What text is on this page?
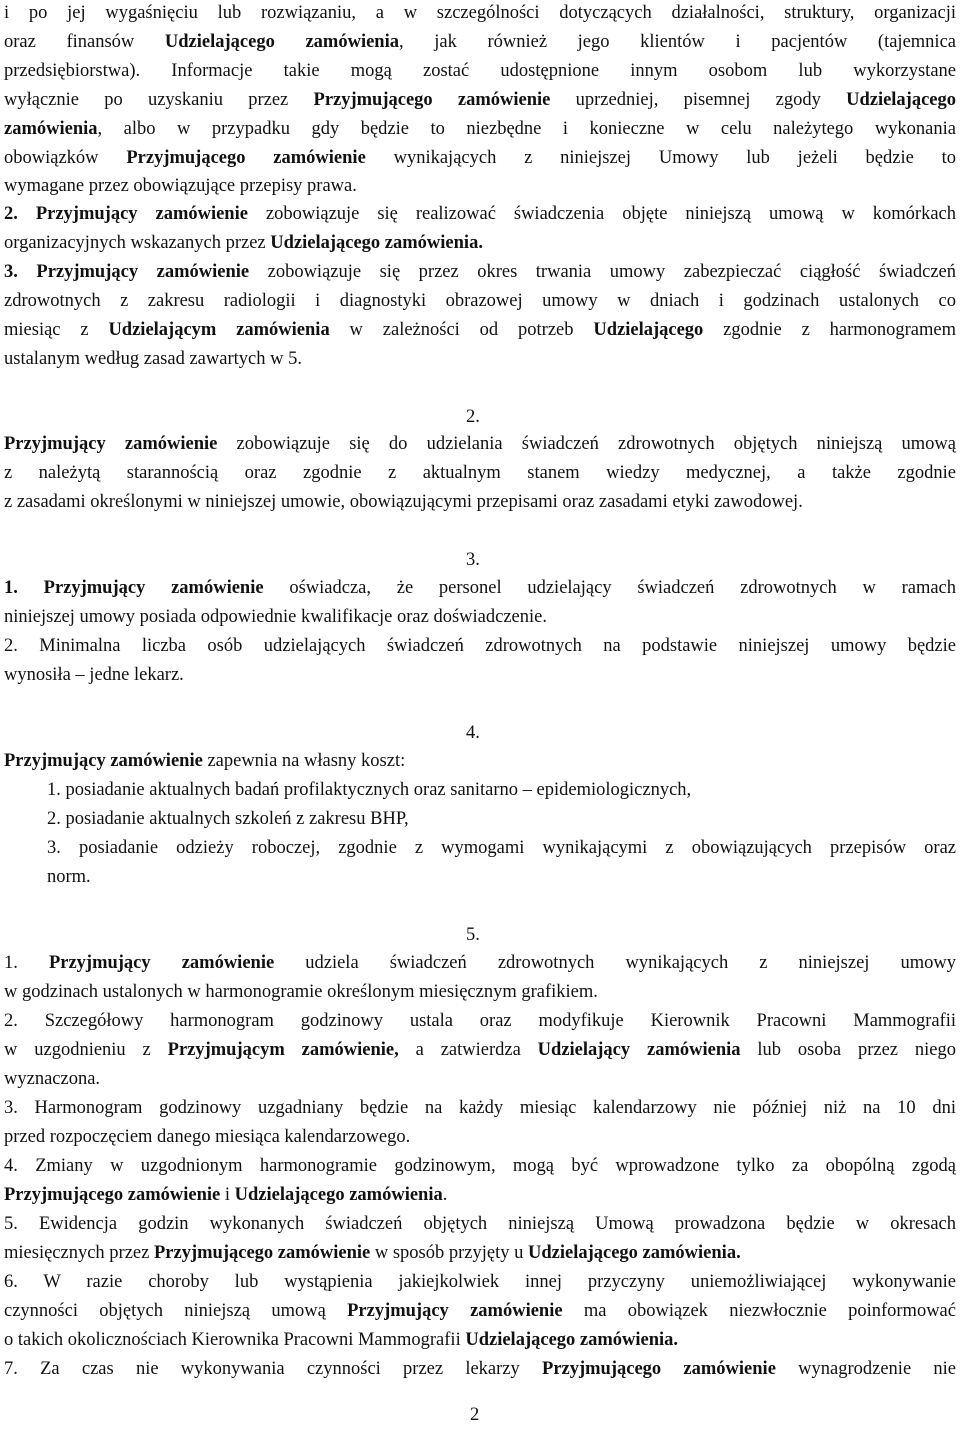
i po jej wygaśnięciu lub rozwiązaniu, a w szczególności dotyczących działalności, struktury, organizacji
oraz finansów Udzielającego zamówienia, jak również jego klientów i pacjentów (tajemnica
przedsiębiorstwa). Informacje takie mogą zostać udostępnione innym osobom lub wykorzystane
wyłącznie po uzyskaniu przez Przyjmującego zamówienie uprzedniej, pisemnej zgody Udzielającego
zamówienia, albo w przypadku gdy będzie to niezbędne i konieczne w celu należytego wykonania
obowiązków Przyjmującego zamówienie wynikających z niniejszej Umowy lub jeżeli będzie to
wymagane przez obowiązujące przepisy prawa.
2. Przyjmujący zamówienie zobowiązuje się realizować świadczenia objęte niniejszą umową w komórkach
organizacyjnych wskazanych przez Udzielającego zamówienia.
3. Przyjmujący zamówienie zobowiązuje się przez okres trwania umowy zabezpieczać ciągłość świadczeń
zdrowotnych z zakresu radiologii i diagnostyki obrazowej umowy w dniach i godzinach ustalonych co
miesiąc z Udzielającym zamówienia w zależności od potrzeb Udzielającego zgodnie z harmonogramem
ustalanym według zasad zawartych w 5.
2.
Przyjmujący zamówienie zobowiązuje się do udzielania świadczeń zdrowotnych objętych niniejszą umową
z należytą starannością oraz zgodnie z aktualnym stanem wiedzy medycznej, a także zgodnie
z zasadami określonymi w niniejszej umowie, obowiązującymi przepisami oraz zasadami etyki zawodowej.
3.
1. Przyjmujący zamówienie oświadcza, że personel udzielający świadczeń zdrowotnych w ramach
niniejszej umowy posiada odpowiednie kwalifikacje oraz doświadczenie.
2. Minimalna liczba osób udzielających świadczeń zdrowotnych na podstawie niniejszej umowy będzie
wynosiła – jedne lekarz.
4.
Przyjmujący zamówienie zapewnia na własny koszt:
1. posiadanie aktualnych badań profilaktycznych oraz sanitarno – epidemiologicznych,
2. posiadanie aktualnych szkoleń z zakresu BHP,
3. posiadanie odzieży roboczej, zgodnie z wymogami wynikającymi z obowiązujących przepisów oraz
norm.
5.
1. Przyjmujący zamówienie udziela świadczeń zdrowotnych wynikających z niniejszej umowy
w godzinach ustalonych w harmonogramie określonym miesięcznym grafikiem.
2. Szczegółowy harmonogram godzinowy ustala oraz modyfikuje Kierownik Pracowni Mammografii
w uzgodnieniu z Przyjmującym zamówienie, a zatwierdza Udzielający zamówienia lub osoba przez niego
wyznaczona.
3. Harmonogram godzinowy uzgadniany będzie na każdy miesiąc kalendarzowy nie później niż na 10 dni
przed rozpoczęciem danego miesiąca kalendarzowego.
4. Zmiany w uzgodnionym harmonogramie godzinowym, mogą być wprowadzone tylko za obopólną zgodą
Przyjmującego zamówienie i Udzielającego zamówienia.
5. Ewidencja godzin wykonanych świadczeń objętych niniejszą Umową prowadzona będzie w okresach
miesięcznych przez Przyjmującego zamówienie w sposób przyjęty u Udzielającego zamówienia.
6. W razie choroby lub wystąpienia jakiejkolwiek innej przyczyny uniemożliwiającej wykonywanie
czynności objętych niniejszą umową Przyjmujący zamówienie ma obowiązek niezwłocznie poinformować
o takich okolicznościach Kierownika Pracowni Mammografii Udzielającego zamówienia.
7. Za czas nie wykonywania czynności przez lekarzy Przyjmującego zamówienie wynagrodzenie nie
2
